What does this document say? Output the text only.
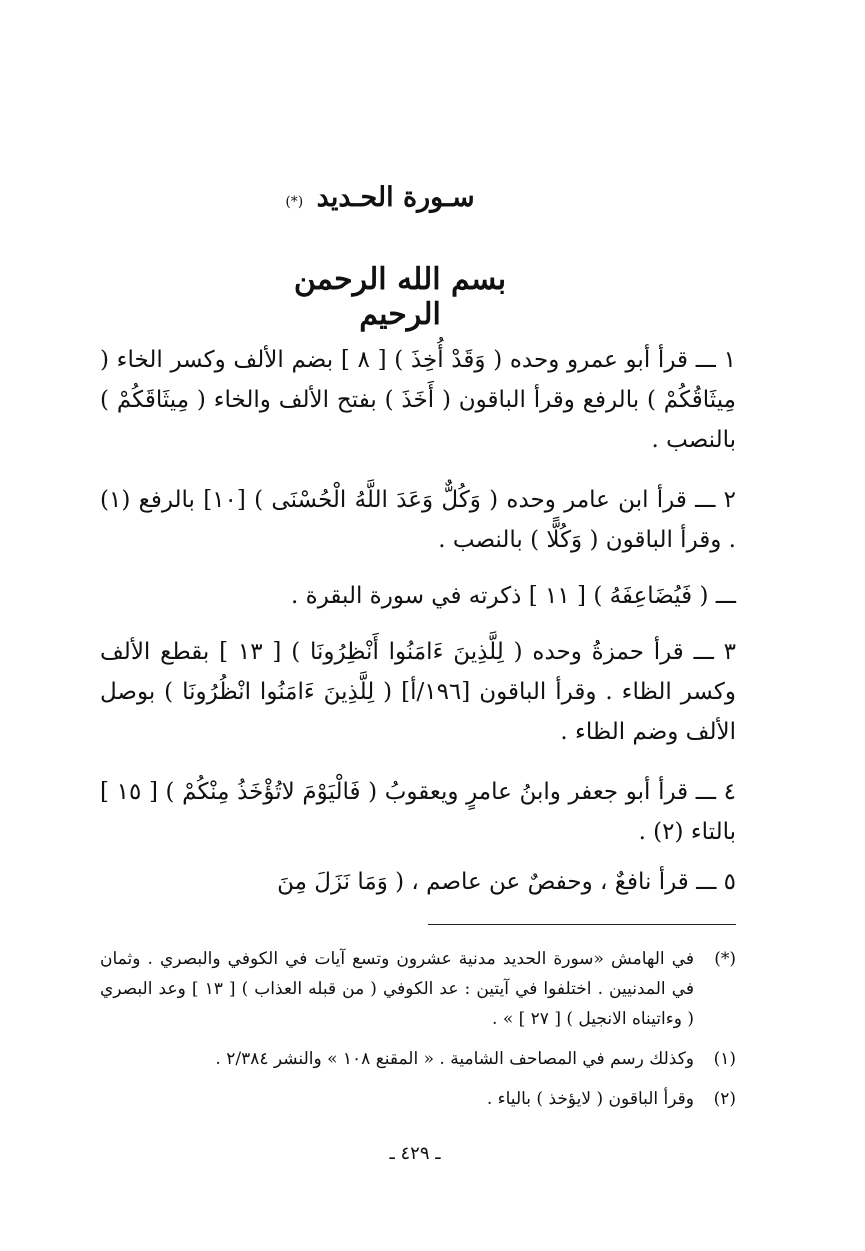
سـورة الحـديد (*)
بسم الله الرحمن الرحيم
١ ـــ قرأ أبو عمرو وحده ( وَقَدْ أُخِذَ ) [ ٨ ] بضم الألف وكسر الخاء ( مِيثَاقُكُمْ ) بالرفع وقرأ الباقون ( أَخَذَ ) بفتح الألف والخاء ( مِيثَاقَكُمْ ) بالنصب .
٢ ـــ قرأ ابن عامر وحده ( وَكُلٌّ وَعَدَ اللَّهُ الْحُسْنَى ) [١٠] بالرفع (١) . وقرأ الباقون ( وَكُلًّا ) بالنصب .
ـــ ( فَيُضَاعِفَهُ ) [ ١١ ] ذكرته في سورة البقرة .
٣ ـــ قرأ حمزةُ وحده ( لِلَّذِينَ ءَامَنُوا أَنْظِرُونَا ) [ ١٣ ] بقطع الألف وكسر الظاء . وقرأ الباقون [١٩٦/أ] ( لِلَّذِينَ ءَامَنُوا انْظُرُونَا ) بوصل الألف وضم الظاء .
٤ ـــ قرأ أبو جعفر وابنُ عامرٍ ويعقوبُ ( فَالْيَوْمَ لاتُؤْخَذُ مِنْكُمْ ) [ ١٥ ] بالتاء (٢) .
٥ ـــ قرأ نافعٌ ، وحفصٌ عن عاصم ، ( وَمَا نَزَلَ مِنَ
(*)
في الهامش «سورة الحديد مدنية عشرون وتسع آيات في الكوفي والبصري . وثمان في المدنيين . اختلفوا في آيتين : عد الكوفي ( من قبله العذاب ) [ ١٣ ] وعد البصري ( وءاتيناه الانجيل ) [ ٢٧ ] » .
(١)
وكذلك رسم في المصاحف الشامية . « المقنع ١٠٨ » والنشر ٢/٣٨٤ .
(٢)
وقرأ الباقون ( لايؤخذ ) بالياء .
ـ ٤٢٩ ـ
